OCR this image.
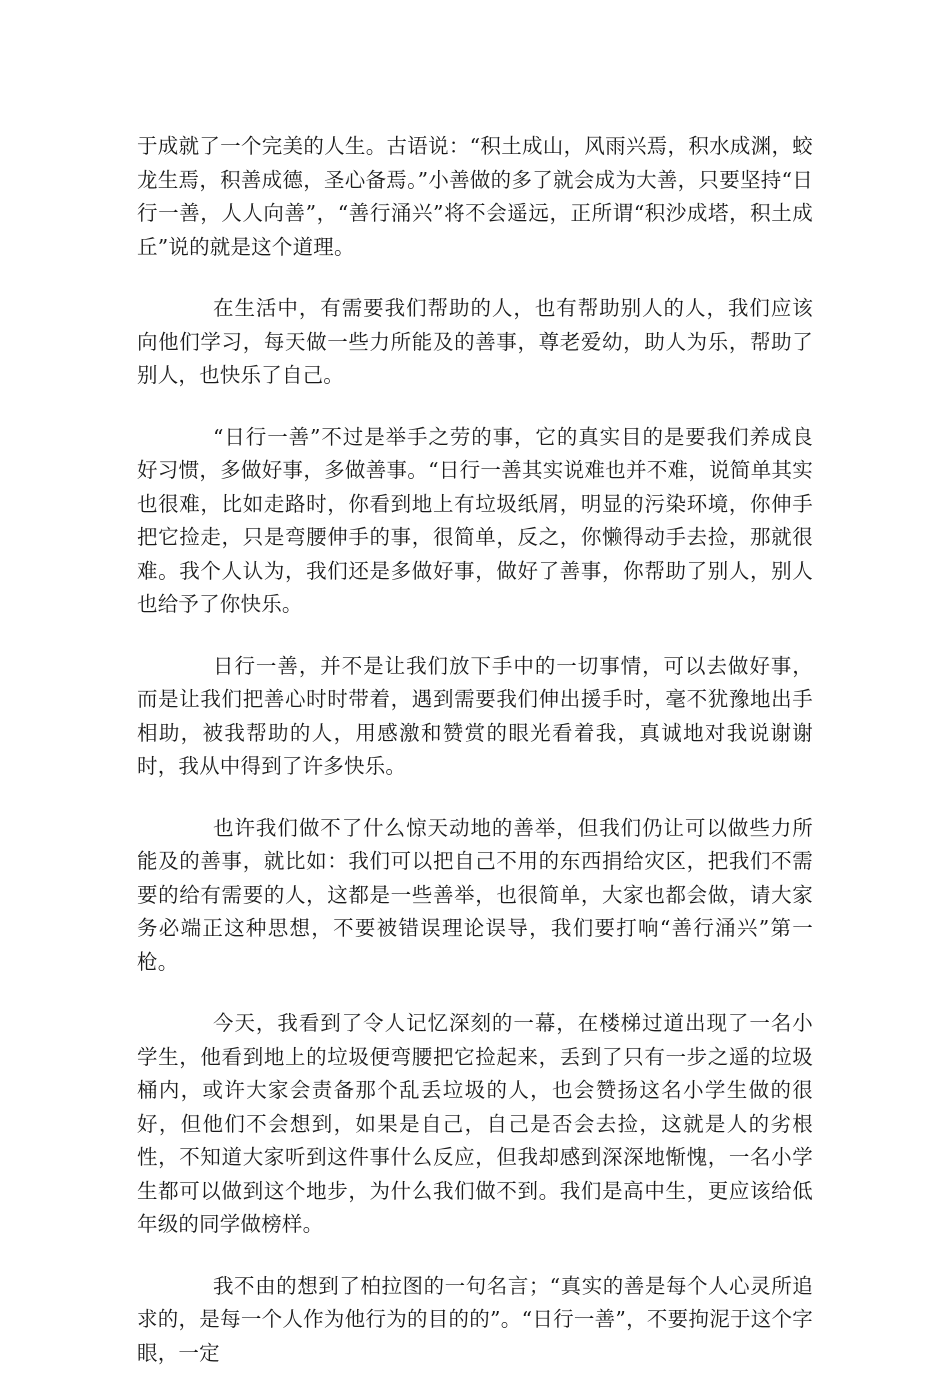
于成就了一个完美的人生。古语说：“积土成山，风雨兴焉，积水成渊，蛟龙生焉，积善成德，圣心备焉。”小善做的多了就会成为大善，只要坚持“日行一善，人人向善”，“善行涌兴”将不会遥远，正所谓“积沙成塔，积土成丘”说的就是这个道理。

在生活中，有需要我们帮助的人，也有帮助别人的人，我们应该向他们学习，每天做一些力所能及的善事，尊老爱幼，助人为乐，帮助了别人，也快乐了自己。

“日行一善”不过是举手之劳的事，它的真实目的是要我们养成良好习惯，多做好事，多做善事。“日行一善其实说难也并不难，说简单其实也很难，比如走路时，你看到地上有垃圾纸屑，明显的污染环境，你伸手把它捡走，只是弯腰伸手的事，很简单，反之，你懒得动手去捡，那就很难。我个人认为，我们还是多做好事，做好了善事，你帮助了别人，别人也给予了你快乐。

日行一善，并不是让我们放下手中的一切事情，可以去做好事，而是让我们把善心时时带着，遇到需要我们伸出援手时，毫不犹豫地出手相助，被我帮助的人，用感激和赞赏的眼光看着我，真诚地对我说谢谢时，我从中得到了许多快乐。

也许我们做不了什么惊天动地的善举，但我们仍让可以做些力所能及的善事，就比如：我们可以把自己不用的东西捐给灾区，把我们不需要的给有需要的人，这都是一些善举，也很简单，大家也都会做，请大家务必端正这种思想，不要被错误理论误导，我们要打响“善行涌兴”第一枪。

今天，我看到了令人记忆深刻的一幕，在楼梯过道出现了一名小学生，他看到地上的垃圾便弯腰把它捡起来，丢到了只有一步之遥的垃圾桶内，或许大家会责备那个乱丢垃圾的人，也会赞扬这名小学生做的很好，但他们不会想到，如果是自己，自己是否会去捡，这就是人的劣根性，不知道大家听到这件事什么反应，但我却感到深深地惭愧，一名小学生都可以做到这个地步，为什么我们做不到。我们是高中生，更应该给低年级的同学做榜样。

我不由的想到了柏拉图的一句名言；“真实的善是每个人心灵所追求的，是每一个人作为他行为的目的的”。“日行一善”，不要拘泥于这个字眼，一定
